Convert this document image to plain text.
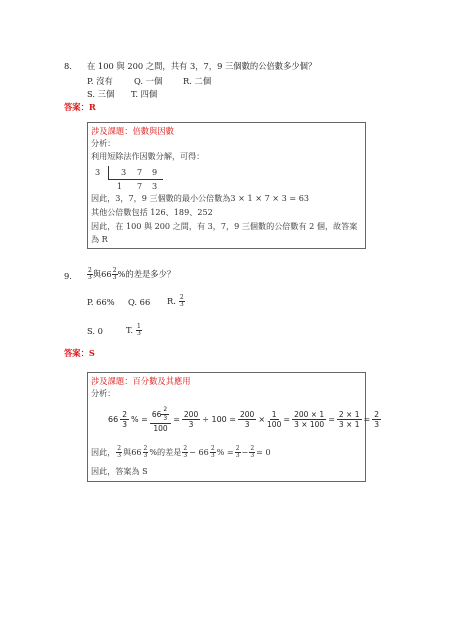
8. 在 100 與 200 之間，共有 3，7，9 三個數的公倍數多少個？
P. 沒有	Q. 一個 R. 二個
S. 三個 T. 四個
答案：R
涉及課題：倍數與因數
分析：
利用短除法作因數分解，可得：
3	3 7 9
1 7 3
因此，3，7，9 三個數的最小公倍數為3 × 1 × 7 × 3 = 63
其他公倍數包括 126、189、252
因此，在 100 與 200 之間，有 3，7，9 三個數的公倍數有 2 個，故答案
為 R
9.	$\frac{2}{3}$ 與$66 \frac{2}{3}$ %的差是多少？
P. 66% Q. 66 R. $\frac{2}{3}$
S. 0	T. $\frac{1}{3}$
答案：S
涉及課題：百分數及其應用
分析：
$66 \frac{2}{3}$ % = $\frac{66 \frac{2}{3}}{100} = \frac{200}{3} \div 100 = \frac{200}{3} \times \frac{1}{100} = \frac{200 \times 1}{3 \times 100} = \frac{2 \times 1}{3 \times 1} = \frac{2}{3}$
因此， $\frac{2}{3}$ 與$66 \frac{2}{3}$ %的差是 $\frac{2}{3} - 66 \frac{2}{3}$ % = $\frac{2}{3} - \frac{2}{3} = 0$
因此，答案為 S
